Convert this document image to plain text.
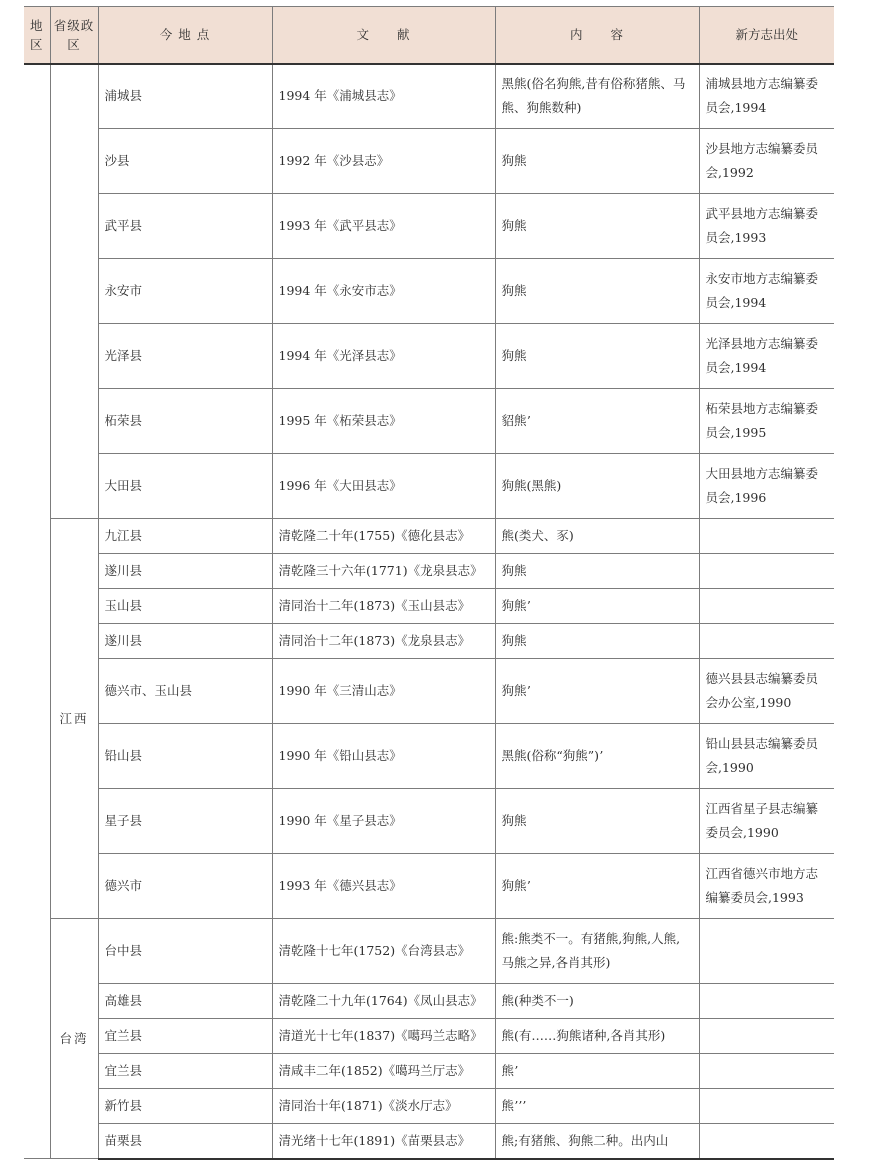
地区	省级政区	今 地 点	文　　献	内　　容	新方志出处
		浦城县	1994 年《浦城县志》	黑熊(俗名狗熊,昔有俗称猪熊、马熊、狗熊数种)	浦城县地方志编纂委员会,1994
		沙县	1992 年《沙县志》	狗熊	沙县地方志编纂委员会,1992
		武平县	1993 年《武平县志》	狗熊	武平县地方志编纂委员会,1993
		永安市	1994 年《永安市志》	狗熊	永安市地方志编纂委员会,1994
		光泽县	1994 年《光泽县志》	狗熊	光泽县地方志编纂委员会,1994
		柘荣县	1995 年《柘荣县志》	貂熊ʼ	柘荣县地方志编纂委员会,1995
		大田县	1996 年《大田县志》	狗熊(黑熊)	大田县地方志编纂委员会,1996
	江西	九江县	清乾隆二十年(1755)《德化县志》	熊(类犬、豕)	
		遂川县	清乾隆三十六年(1771)《龙泉县志》	狗熊	
		玉山县	清同治十二年(1873)《玉山县志》	狗熊ʼ	
		遂川县	清同治十二年(1873)《龙泉县志》	狗熊	
		德兴市、玉山县	1990 年《三清山志》	狗熊ʼ	德兴县县志编纂委员会办公室,1990
		铅山县	1990 年《铅山县志》	黑熊(俗称“狗熊”)ʼ	铅山县县志编纂委员会,1990
		星子县	1990 年《星子县志》	狗熊	江西省星子县志编纂委员会,1990
		德兴市	1993 年《德兴县志》	狗熊ʼ	江西省德兴市地方志编纂委员会,1993
	台湾	台中县	清乾隆十七年(1752)《台湾县志》	熊:熊类不一。有猪熊,狗熊,人熊,马熊之异,各肖其形)	
		高雄县	清乾隆二十九年(1764)《凤山县志》	熊(种类不一)	
		宜兰县	清道光十七年(1837)《噶玛兰志略》	熊(有……狗熊诸种,各肖其形)	
		宜兰县	清咸丰二年(1852)《噶玛兰厅志》	熊ʼ	
		新竹县	清同治十年(1871)《淡水厅志》	熊ʼʼʼ	
		苗栗县	清光绪十七年(1891)《苗栗县志》	熊;有猪熊、狗熊二种。出内山	
